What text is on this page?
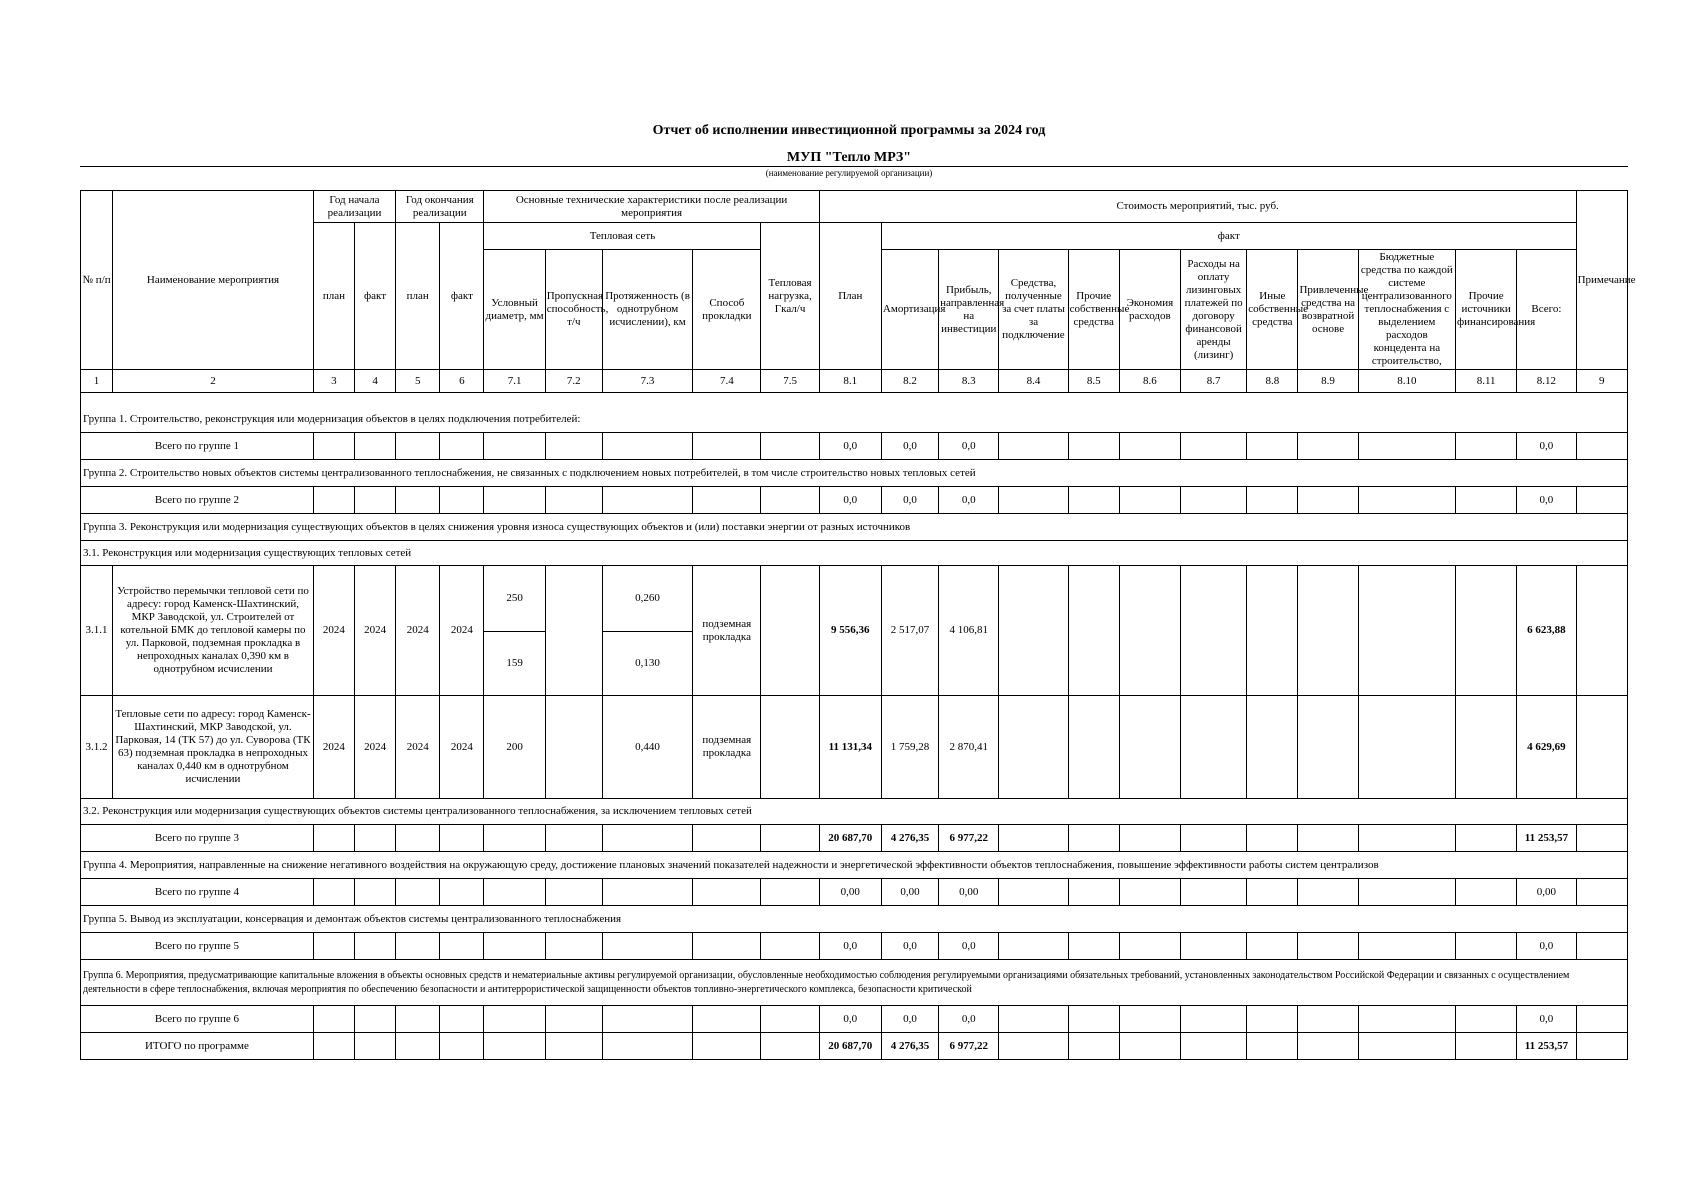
Отчет об исполнении инвестиционной программы за 2024 год
МУП "Тепло МРЗ"
(наименование регулируемой организации)
№ п/п	Наименование мероприятия	Год начала реализации		Год окончания реализации		Основные технические характеристики после реализации мероприятия					Стоимость мероприятий, тыс. руб.												Примечание
		план	факт	план	факт	Тепловая сеть				Тепловая нагрузка, Гкал/ч	План	факт											
						Условный диаметр, мм	Пропускная способность, т/ч	Протяженность (в однотрубном исчислении), км	Способ прокладки			Амортизация	Прибыль, направленная на инвестиции	Средства, полученные за счет платы за подключение	Прочие собственные средства	Экономия расходов	Расходы на оплату лизинговых платежей по договору финансовой аренды (лизинг)	Иные собственные средства	Привлеченные средства на возвратной основе	Бюджетные средства по каждой системе централизованного теплоснабжения с выделением расходов концедента на строительство,	Прочие источники финансирования	Всего:	
1	2	3	4	5	6	7.1	7.2	7.3	7.4	7.5	8.1	8.2	8.3	8.4	8.5	8.6	8.7	8.8	8.9	8.10	8.11	8.12	9

Группа 1. Строительство, реконструкция или модернизация объектов в целях подключения потребителей:																							
Всего по группе 1											0,0	0,0	0,0									0,0	
Группа 2. Строительство новых объектов системы централизованного теплоснабжения, не связанных с подключением новых потребителей, в том числе строительство новых тепловых сетей																							
Всего по группе 2											0,0	0,0	0,0									0,0	
Группа 3. Реконструкция или модернизация существующих объектов в целях снижения уровня износа существующих объектов и (или) поставки энергии от разных источников																							
3.1. Реконструкция или модернизация существующих тепловых сетей																							
3.1.1	Устройство перемычки тепловой сети по адресу: город Каменск-Шахтинский, МКР Заводской, ул. Строителей от котельной БМК до тепловой камеры по ул. Парковой, подземная прокладка в непроходных каналах 0,390 км в однотрубном исчислении	2024	2024	2024	2024	250		0,260	подземная прокладка		9 556,36	2 517,07	4 106,81									6 623,88	
						159		0,130															
3.1.2	Тепловые сети по адресу: город Каменск-Шахтинский, МКР Заводской, ул. Парковая, 14 (ТК 57) до ул. Суворова (ТК 63) подземная прокладка в непроходных каналах 0,440 км в однотрубном исчислении	2024	2024	2024	2024	200		0,440	подземная прокладка		11 131,34	1 759,28	2 870,41									4 629,69	
3.2. Реконструкция или модернизация существующих объектов системы централизованного теплоснабжения, за исключением тепловых сетей																							
Всего по группе 3											20 687,70	4 276,35	6 977,22									11 253,57	
Группа 4. Мероприятия, направленные на снижение негативного воздействия на окружающую среду, достижение плановых значений показателей надежности и энергетической эффективности объектов теплоснабжения, повышение эффективности работы систем централизов																							
Всего по группе 4											0,00	0,00	0,00									0,00	
Группа 5. Вывод из эксплуатации, консервация и демонтаж объектов системы централизованного теплоснабжения																							
Всего по группе 5											0,0	0,0	0,0									0,0	
Группа 6. Мероприятия, предусматривающие капитальные вложения в объекты основных средств и нематериальные активы регулируемой организации, обусловленные необходимостью соблюдения регулируемыми организациями обязательных требований, установленных законодательством Российской Федерации и связанных с осуществлением деятельности в сфере теплоснабжения, включая мероприятия по обеспечению безопасности и антитеррористической защищенности объектов топливно-энергетического комплекса, безопасности критической																							
Всего по группе 6											0,0	0,0	0,0									0,0	
ИТОГО по программе											20 687,70	4 276,35	6 977,22									11 253,57	
